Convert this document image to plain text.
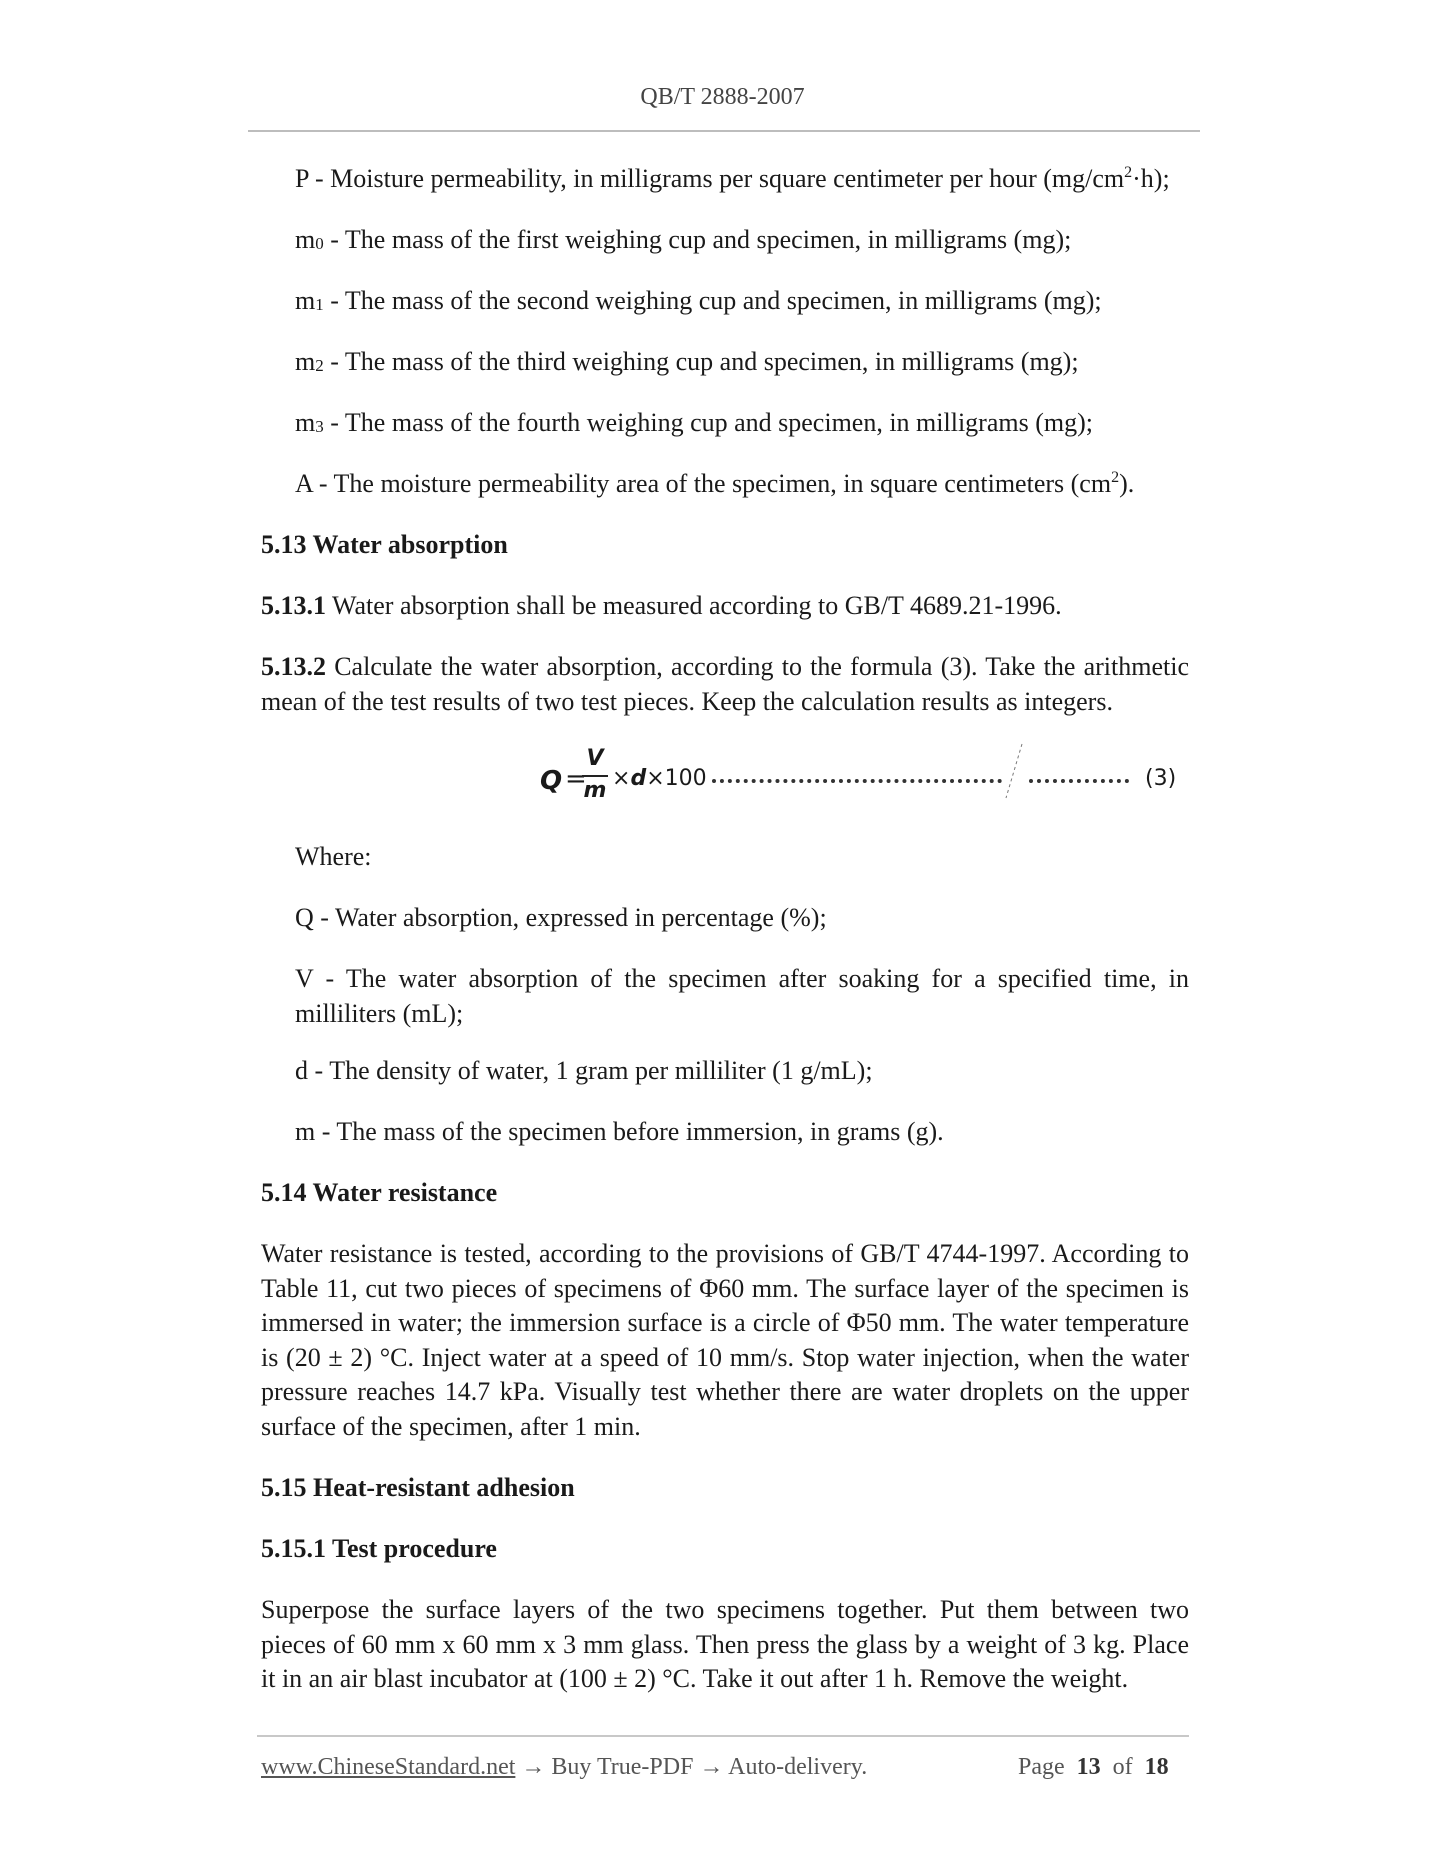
QB/T 2888-2007
P - Moisture permeability, in milligrams per square centimeter per hour $(mg/cm^2\cdot h)$;
m0 - The mass of the first weighing cup and specimen, in milligrams (mg);
m1 - The mass of the second weighing cup and specimen, in milligrams (mg);
m2 - The mass of the third weighing cup and specimen, in milligrams (mg);
m3 - The mass of the fourth weighing cup and specimen, in milligrams (mg);
A - The moisture permeability area of the specimen, in square centimeters $(cm^2)$.
5.13 Water absorption
5.13.1 Water absorption shall be measured according to GB/T 4689.21-1996.
5.13.2 Calculate the water absorption, according to the formula (3). Take the arithmetic mean of the test results of two test pieces. Keep the calculation results as integers.
Q =
V
m ×d×100	(3)
Where:
Q - Water absorption, expressed in percentage (%);
V - The water absorption of the specimen after soaking for a specified time, in milliliters (mL);
d - The density of water, 1 gram per milliliter (1 g/mL);
m - The mass of the specimen before immersion, in grams (g).
5.14 Water resistance
Water resistance is tested, according to the provisions of GB/T 4744-1997. According to Table 11, cut two pieces of specimens of Φ60 mm. The surface layer of the specimen is immersed in water; the immersion surface is a circle of Φ50 mm. The water temperature is (20 ± 2) °C. Inject water at a speed of 10 mm/s. Stop water injection, when the water pressure reaches 14.7 kPa. Visually test whether there are water droplets on the upper surface of the specimen, after 1 min.
5.15 Heat-resistant adhesion
5.15.1 Test procedure
Superpose the surface layers of the two specimens together. Put them between two pieces of 60 mm x 60 mm x 3 mm glass. Then press the glass by a weight of 3 kg. Place it in an air blast incubator at (100 ± 2) °C. Take it out after 1 h. Remove the weight.
www.ChineseStandard.net → Buy True-PDF → Auto-delivery.	Page 13 of 18
